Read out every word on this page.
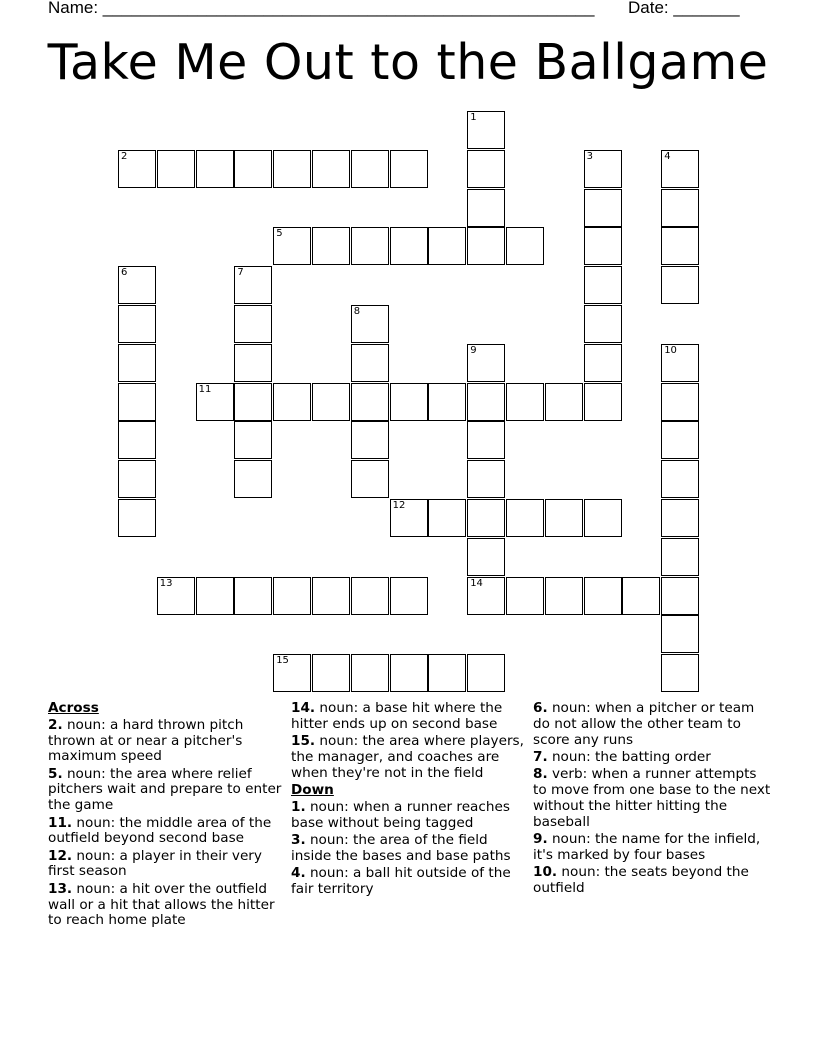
Name: ____________________________________________________ Date: _______
Take Me Out to the Ballgame
2
5
11
12
13	14
15
1
3	4
6	7
8
9	10
Across
2. noun: a hard thrown pitch thrown at or near a pitcher's maximum speed
5. noun: the area where relief pitchers wait and prepare to enter the game
11. noun: the middle area of the outfield beyond second base
12. noun: a player in their very first season
13. noun: a hit over the outfield wall or a hit that allows the hitter to reach home plate
14. noun: a base hit where the hitter ends up on second base
15. noun: the area where players, the manager, and coaches are when they're not in the field
Down
1. noun: when a runner reaches base without being tagged
3. noun: the area of the field inside the bases and base paths
4. noun: a ball hit outside of the fair territory
6. noun: when a pitcher or team do not allow the other team to score any runs
7. noun: the batting order
8. verb: when a runner attempts to move from one base to the next without the hitter hitting the baseball
9. noun: the name for the infield, it's marked by four bases
10. noun: the seats beyond the outfield
